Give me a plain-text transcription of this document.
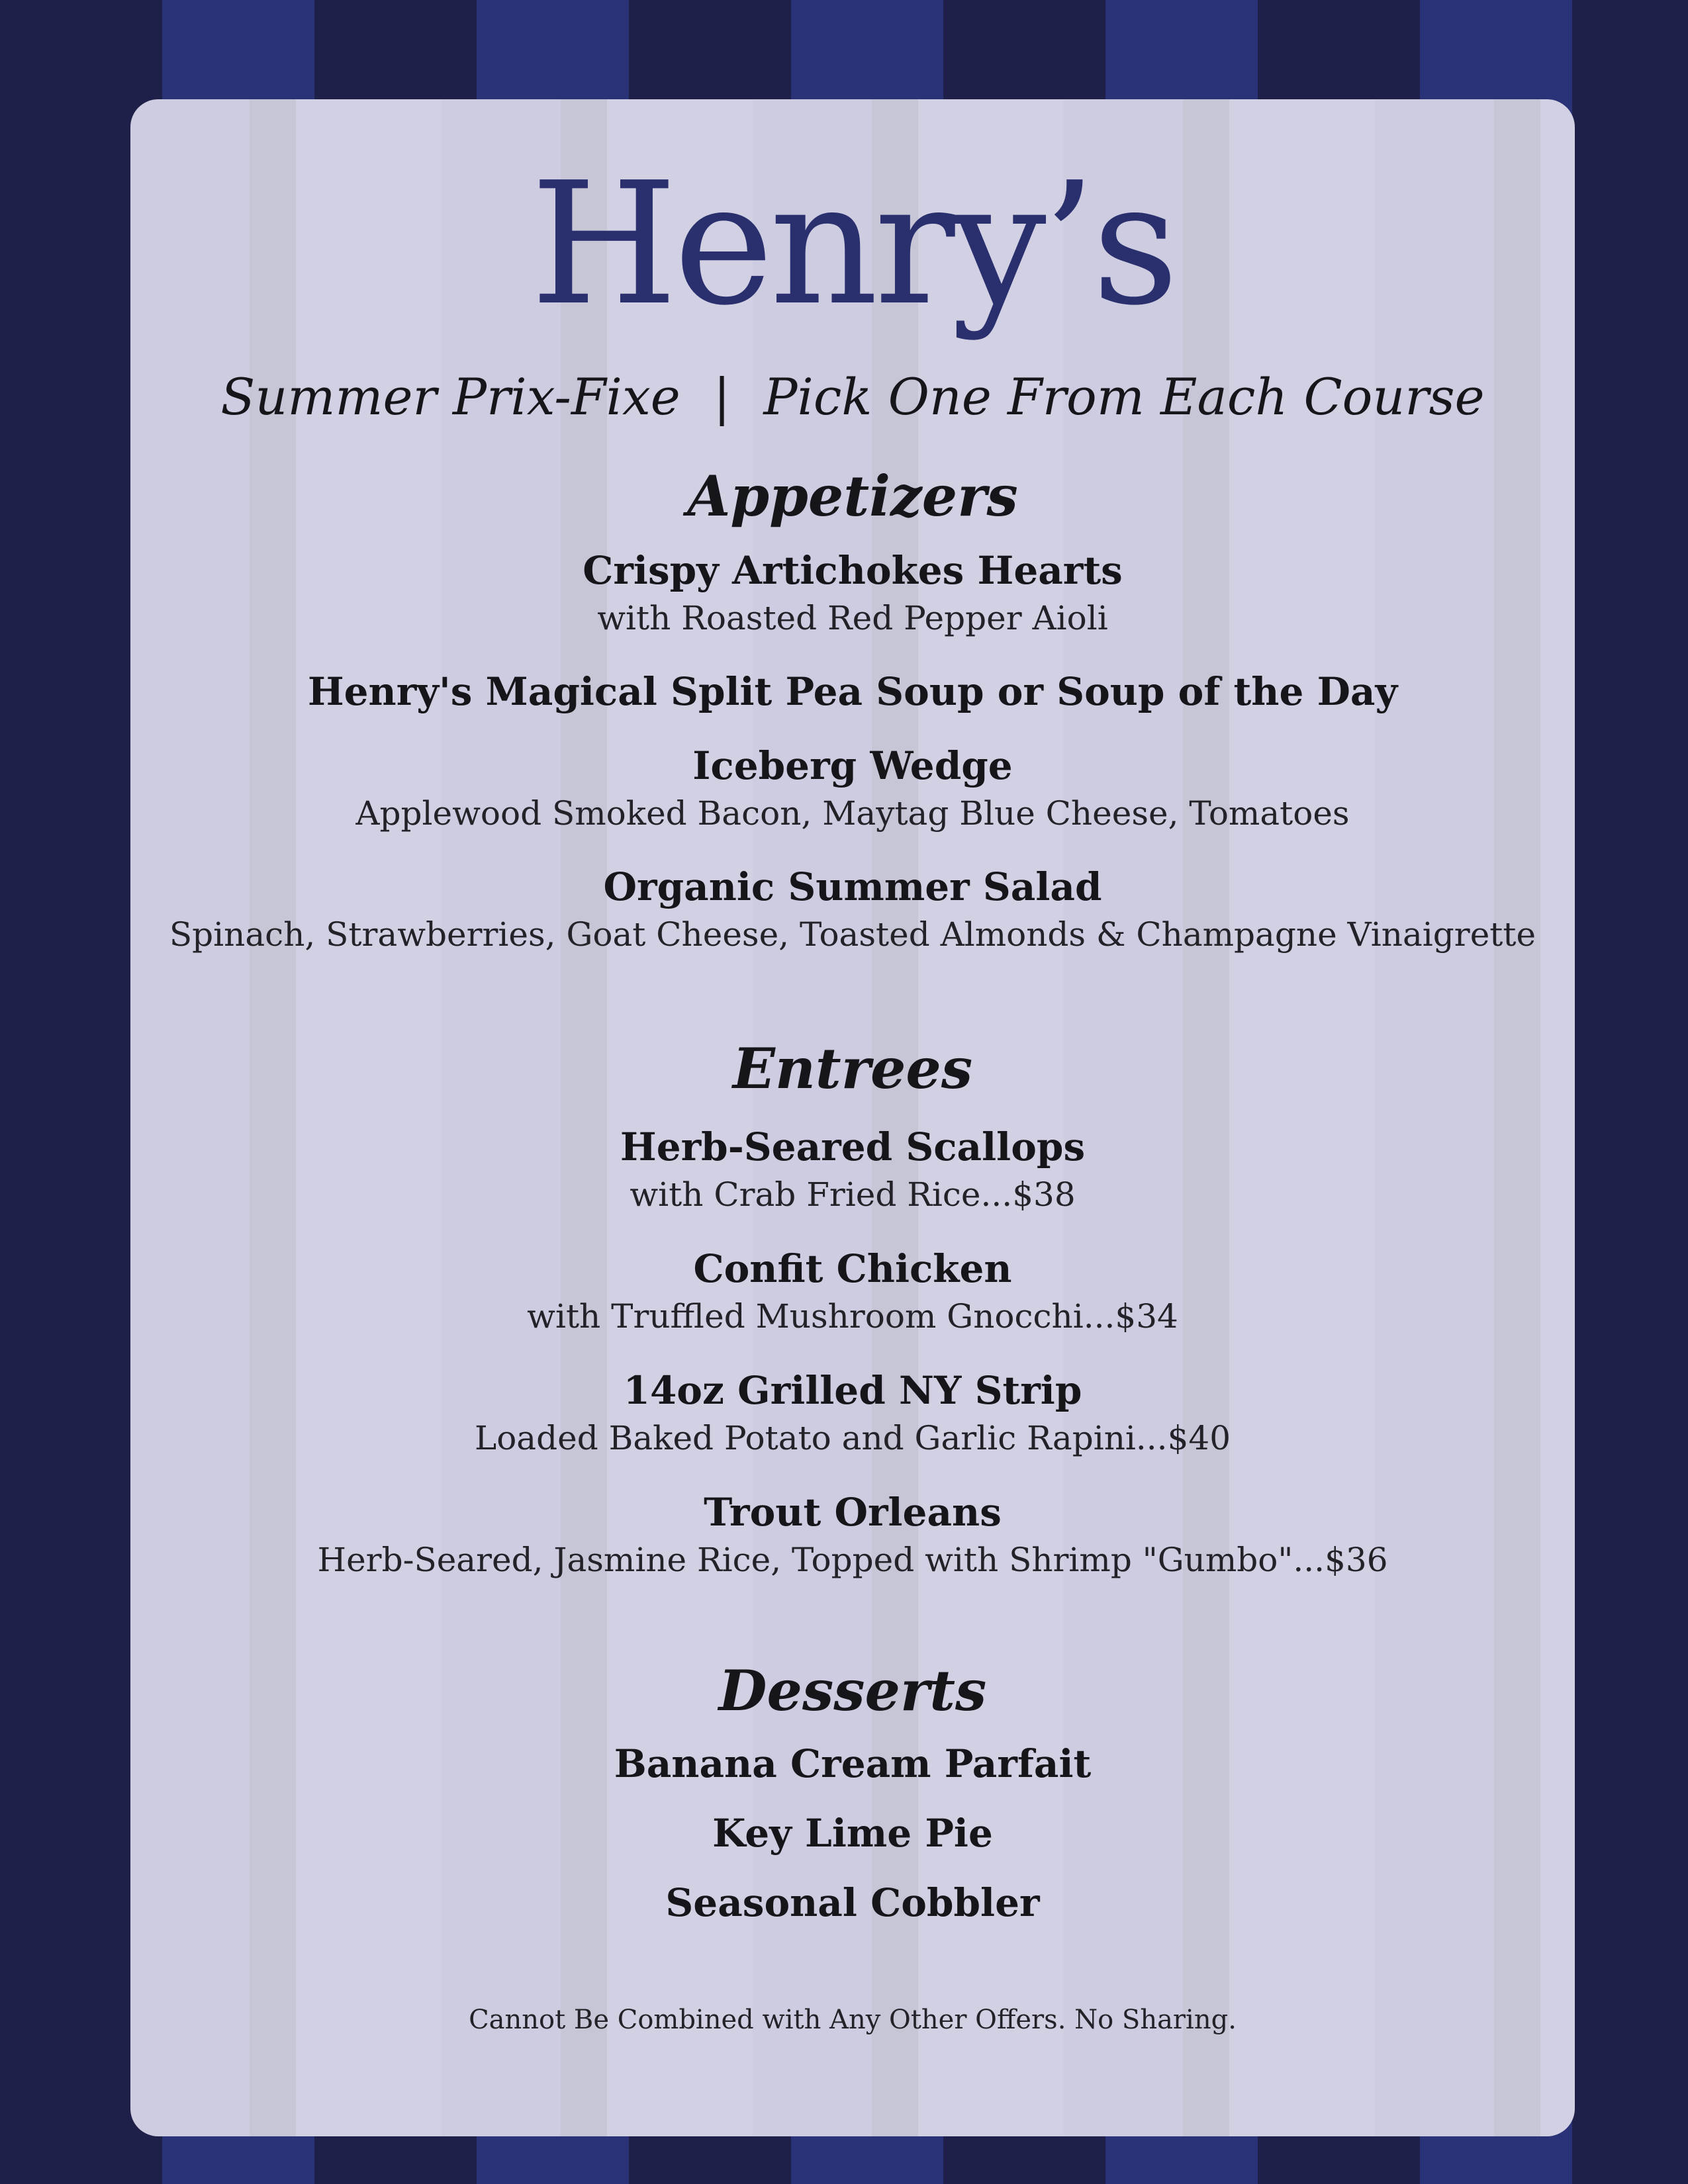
Henry’s
Summer Prix-Fixe | Pick One From Each Course
Appetizers
Crispy Artichokes Hearts
with Roasted Red Pepper Aioli
Henry's Magical Split Pea Soup or Soup of the Day
Iceberg Wedge
Applewood Smoked Bacon, Maytag Blue Cheese, Tomatoes
Organic Summer Salad
Spinach, Strawberries, Goat Cheese, Toasted Almonds & Champagne Vinaigrette
Entrees
Herb-Seared Scallops
with Crab Fried Rice...$38
Confit Chicken
with Truffled Mushroom Gnocchi...$34
14oz Grilled NY Strip
Loaded Baked Potato and Garlic Rapini...$40
Trout Orleans
Herb-Seared, Jasmine Rice, Topped with Shrimp "Gumbo"...$36
Desserts
Banana Cream Parfait
Key Lime Pie
Seasonal Cobbler
Cannot Be Combined with Any Other Offers. No Sharing.
